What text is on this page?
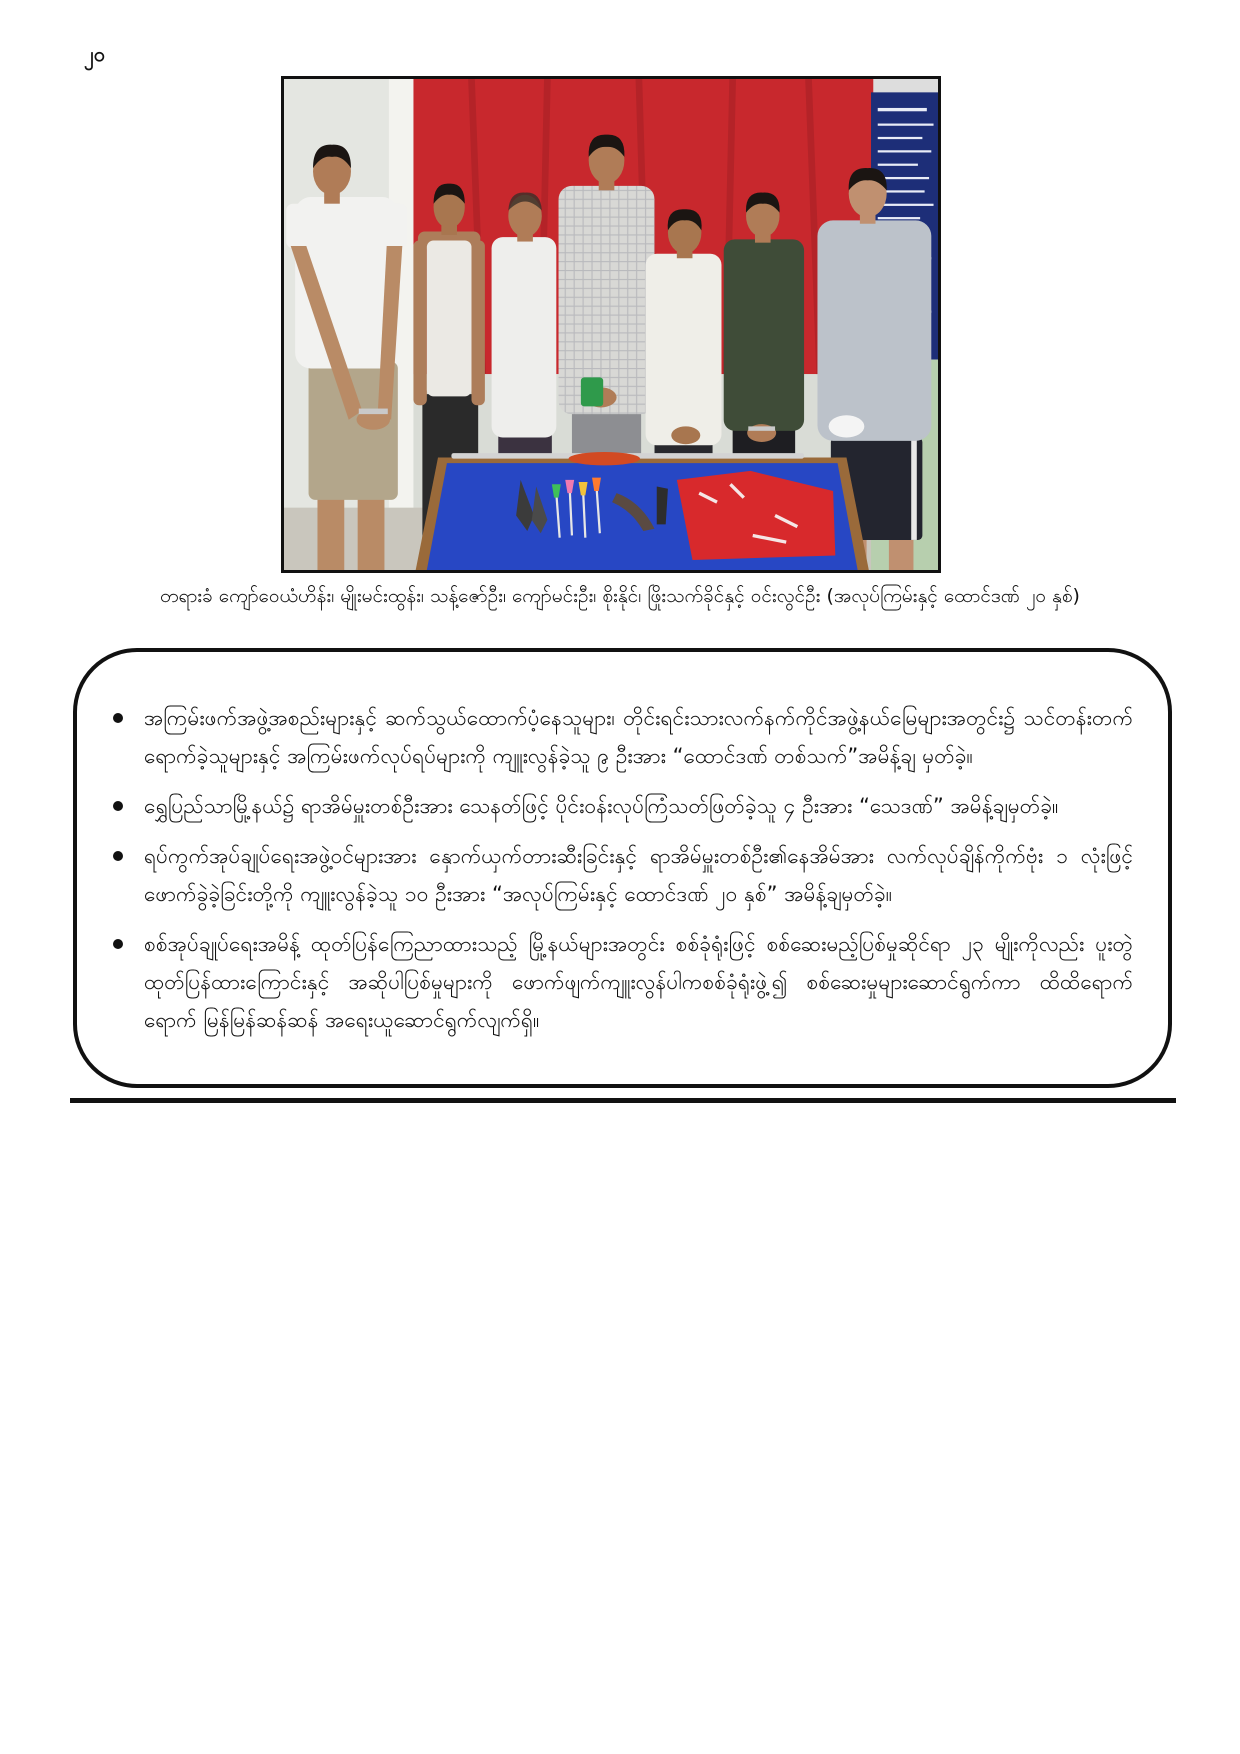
၂၀
တရားခံ ကျော်ဝေယံဟိန်း၊ မျိုးမင်းထွန်း၊ သန့်ဇော်ဦး၊ ကျော်မင်းဦး၊ စိုးနိုင်၊ ဖြိုးသက်ခိုင်နှင့် ဝင်းလွင်ဦး (အလုပ်ကြမ်းနှင့် ထောင်ဒဏ် ၂၀ နှစ်)
အကြမ်းဖက်အဖွဲ့အစည်းများနှင့် ဆက်သွယ်ထောက်ပံ့နေသူများ၊ တိုင်းရင်းသားလက်နက်ကိုင်အဖွဲ့နယ်မြေများအတွင်း၌ သင်တန်းတက်ရောက်ခဲ့သူများနှင့် အကြမ်းဖက်လုပ်ရပ်များကို ကျူးလွန်ခဲ့သူ ၉ ဦးအား “ထောင်ဒဏ် တစ်သက်”အမိန့်ချ မှတ်ခဲ့။
ရွှေပြည်သာမြို့နယ်၌ ရာအိမ်မှူးတစ်ဦးအား သေနတ်ဖြင့် ပိုင်းဝန်းလုပ်ကြံသတ်ဖြတ်ခဲ့သူ ၄ ဦးအား “သေဒဏ်” အမိန့်ချမှတ်ခဲ့။
ရပ်ကွက်အုပ်ချုပ်ရေးအဖွဲ့ဝင်များအား နှောက်ယှက်တားဆီးခြင်းနှင့် ရာအိမ်မှူးတစ်ဦး၏နေအိမ်အား လက်လုပ်ချိန်ကိုက်ဗုံး ၁ လုံးဖြင့် ဖောက်ခွဲခဲ့ခြင်းတို့ကို ကျူးလွန်ခဲ့သူ ၁၀ ဦးအား “အလုပ်ကြမ်းနှင့် ထောင်ဒဏ် ၂၀ နှစ်” အမိန့်ချမှတ်ခဲ့။
စစ်အုပ်ချုပ်ရေးအမိန့် ထုတ်ပြန်ကြေညာထားသည့် မြို့နယ်များအတွင်း စစ်ခုံရုံးဖြင့် စစ်ဆေးမည့်ပြစ်မှုဆိုင်ရာ ၂၃ မျိုးကိုလည်း ပူးတွဲထုတ်ပြန်ထားကြောင်းနှင့် အဆိုပါပြစ်မှုများကို ဖောက်ဖျက်ကျူးလွန်ပါကစစ်ခုံရုံးဖွဲ့၍ စစ်ဆေးမှုများဆောင်ရွက်ကာ ထိထိရောက်ရောက် မြန်မြန်ဆန်ဆန် အရေးယူဆောင်ရွက်လျက်ရှိ။
